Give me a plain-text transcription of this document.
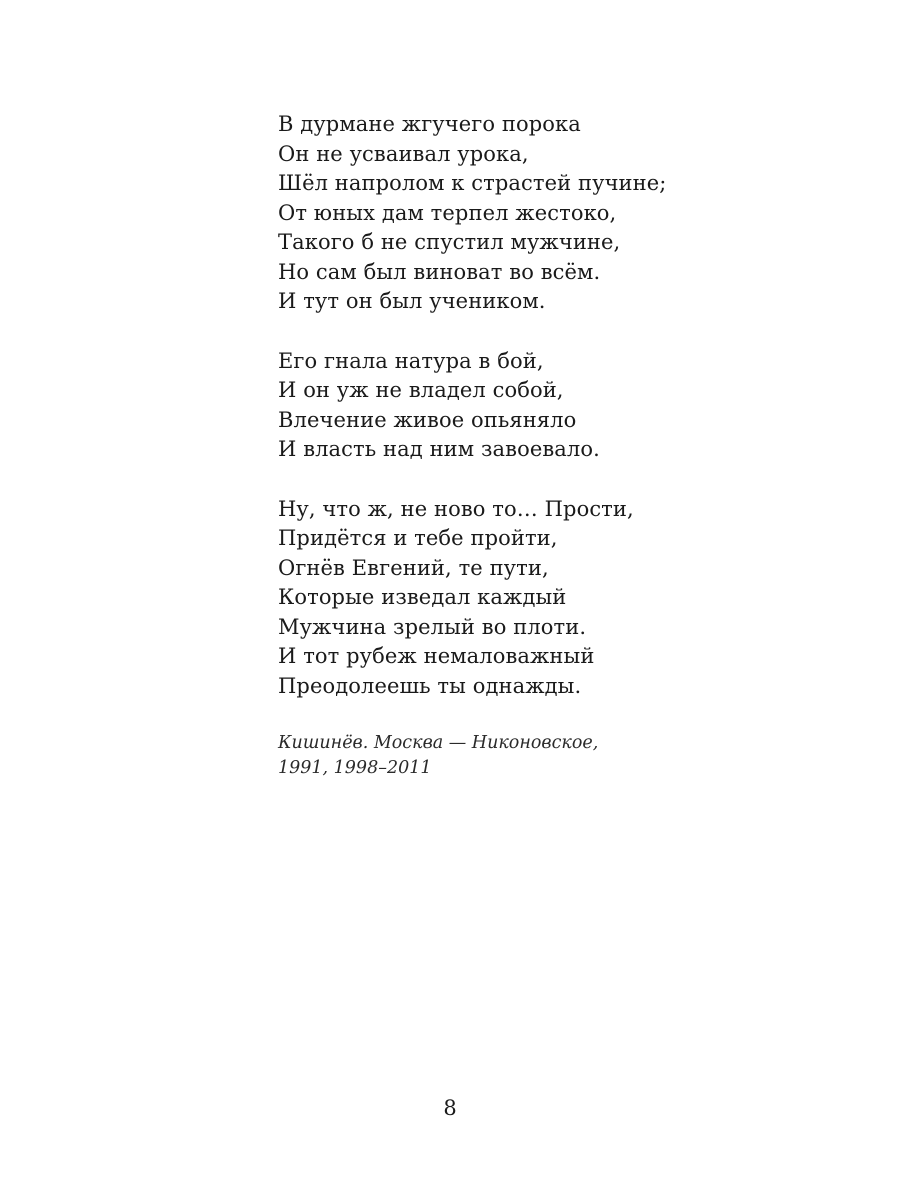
В дурмане жгучего порока
Он не усваивал урока,
Шёл напролом к страстей пучине;
От юных дам терпел жестоко,
Такого б не спустил мужчине,
Но сам был виноват во всём.
И тут он был учеником.
Его гнала натура в бой,
И он уж не владел собой,
Влечение живое опьяняло
И власть над ним завоевало.
Ну, что ж, не ново то… Прости,
Придётся и тебе пройти,
Огнёв Евгений, те пути,
Которые изведал каждый
Мужчина зрелый во плоти.
И тот рубеж немаловажный
Преодолеешь ты однажды.
Кишинёв. Москва — Никоновское,
1991, 1998–2011
8
